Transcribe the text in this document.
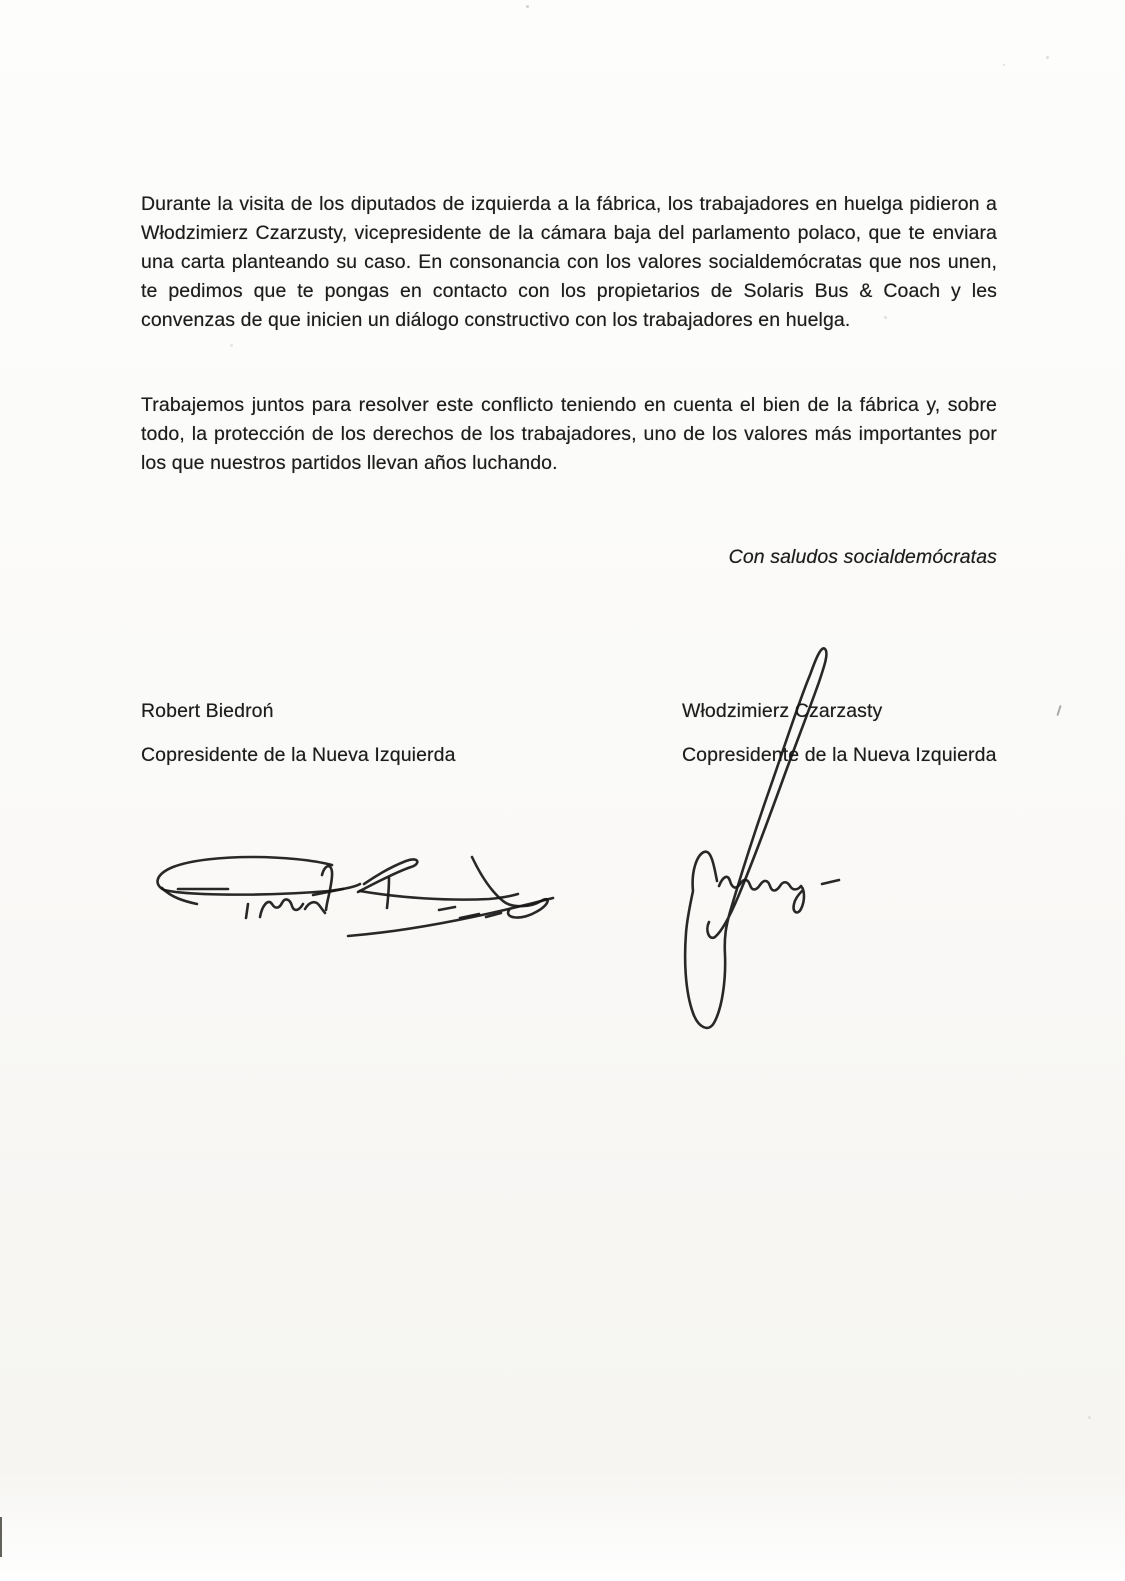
Durante la visita de los diputados de izquierda a la fábrica, los trabajadores en huelga pidieron a Włodzimierz Czarzusty, vicepresidente de la cámara baja del parlamento polaco, que te enviara una carta planteando su caso. En consonancia con los valores socialdemócratas que nos unen, te pedimos que te pongas en contacto con los propietarios de Solaris Bus & Coach y les convenzas de que inicien un diálogo constructivo con los trabajadores en huelga.

Trabajemos juntos para resolver este conflicto teniendo en cuenta el bien de la fábrica y, sobre todo, la protección de los derechos de los trabajadores, uno de los valores más importantes por los que nuestros partidos llevan años luchando.

Con saludos socialdemócratas

Robert Biedroń
Copresidente de la Nueva Izquierda
Włodzimierz Czarzasty
Copresidente de la Nueva Izquierda
